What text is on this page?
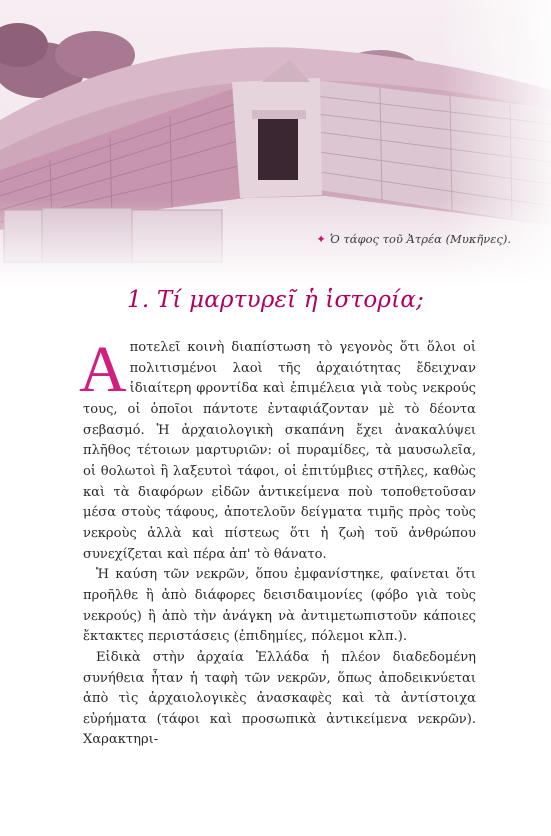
✦ Ὁ τάφος τοῦ Ἀτρέα (Μυκῆνες).
1. Τί μαρτυρεῖ ἡ ἱστορία;

Αποτελεῖ κοινὴ διαπίστωση τὸ γεγονὸς ὅτι ὅλοι οἱ πολιτισμένοι λαοὶ τῆς ἀρχαιότητας ἔδειχναν ἰδιαίτερη φροντίδα καὶ ἐπιμέλεια γιὰ τοὺς νεκρούς τους, οἱ ὁποῖοι πάντοτε ἐνταφιάζονταν μὲ τὸ δέοντα σεβασμό. Ἡ ἀρχαιολογικὴ σκαπάνη ἔχει ἀνακαλύψει πλῆθος τέτοιων μαρτυριῶν: οἱ πυραμίδες, τὰ μαυσωλεῖα, οἱ θολωτοὶ ἢ λαξευτοὶ τάφοι, οἱ ἐπιτύμβιες στῆλες, καθὼς καὶ τὰ διαφόρων εἰδῶν ἀντικείμενα ποὺ τοποθετοῦσαν μέσα στοὺς τάφους, ἀποτελοῦν δείγματα τιμῆς πρὸς τοὺς νεκροὺς ἀλλὰ καὶ πίστεως ὅτι ἡ ζωὴ τοῦ ἀνθρώπου συνεχίζεται καὶ πέρα ἀπ' τὸ θάνατο.

Ἡ καύση τῶν νεκρῶν, ὅπου ἐμφανίστηκε, φαίνεται ὅτι προῆλθε ἢ ἀπὸ διάφορες δεισιδαιμονίες (φόβο γιὰ τοὺς νεκρούς) ἢ ἀπὸ τὴν ἀνάγκη νὰ ἀντιμετωπιστοῦν κάποιες ἔκτακτες περιστάσεις (ἐπιδημίες, πόλεμοι κλπ.).

Εἰδικὰ στὴν ἀρχαία Ἑλλάδα ἡ πλέον διαδεδομένη συνήθεια ἦταν ἡ ταφὴ τῶν νεκρῶν, ὅπως ἀποδεικνύεται ἀπὸ τὶς ἀρχαιολογικὲς ἀνασκαφὲς καὶ τὰ ἀντίστοιχα εὑρήματα (τάφοι καὶ προσωπικὰ ἀντικείμενα νεκρῶν). Χαρακτηρι-
